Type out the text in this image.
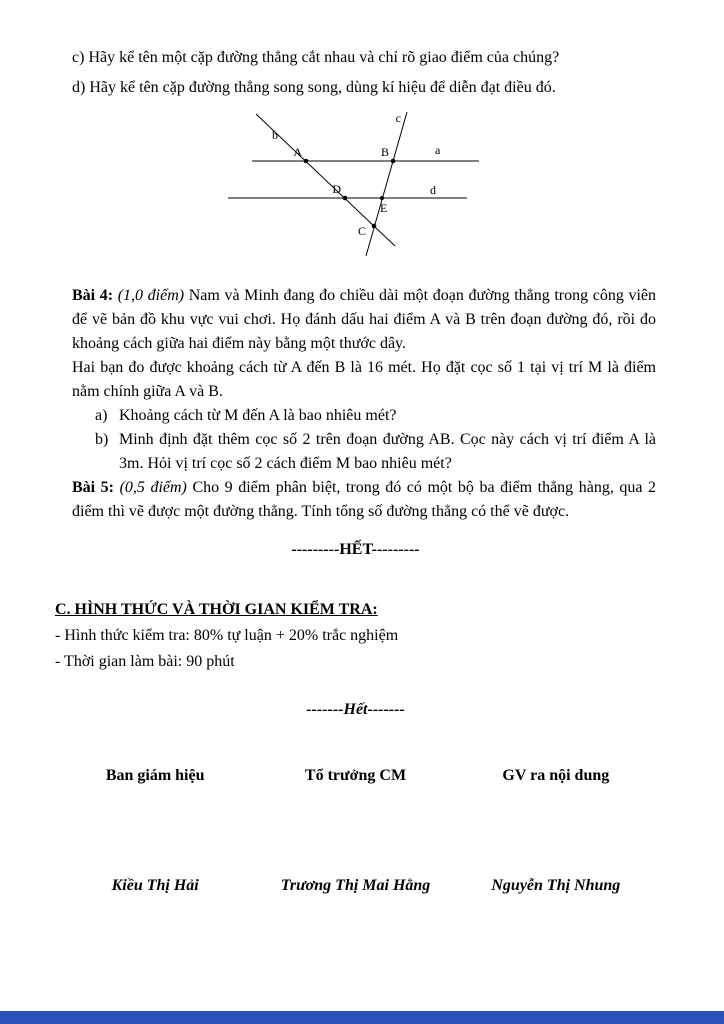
c) Hãy kể tên một cặp đường thẳng cắt nhau và chỉ rõ giao điểm của chúng?

d) Hãy kể tên cặp đường thẳng song song, dùng kí hiệu để diễn đạt điều đó.

a
b
c
d
A	B
D
E
C

Bài 4: (1,0 điểm) Nam và Minh đang đo chiều dài một đoạn đường thẳng trong công viên để vẽ bản đồ khu vực vui chơi. Họ đánh dấu hai điểm A và B trên đoạn đường đó, rồi đo khoảng cách giữa hai điểm này bằng một thước dây.

Hai bạn đo được khoảng cách từ A đến B là 16 mét. Họ đặt cọc số 1 tại vị trí M là điểm nằm chính giữa A và B.

a) Khoảng cách từ M đến A là bao nhiêu mét?
b) Minh định đặt thêm cọc số 2 trên đoạn đường AB. Cọc này cách vị trí điểm A là 3m. Hỏi vị trí cọc số 2 cách điểm M bao nhiêu mét?

Bài 5: (0,5 điểm) Cho 9 điểm phân biệt, trong đó có một bộ ba điểm thẳng hàng, qua 2 điểm thì vẽ được một đường thẳng. Tính tổng số đường thẳng có thể vẽ được.

---------HẾT---------

C. HÌNH THỨC VÀ THỜI GIAN KIỂM TRA:

- Hình thức kiểm tra: 80% tự luận + 20% trắc nghiệm

- Thời gian làm bài: 90 phút

-------Hết-------

Ban giám hiệu	Tổ trưởng CM	GV ra nội dung
Kiều Thị Hải	Trương Thị Mai Hằng	Nguyễn Thị Nhung
